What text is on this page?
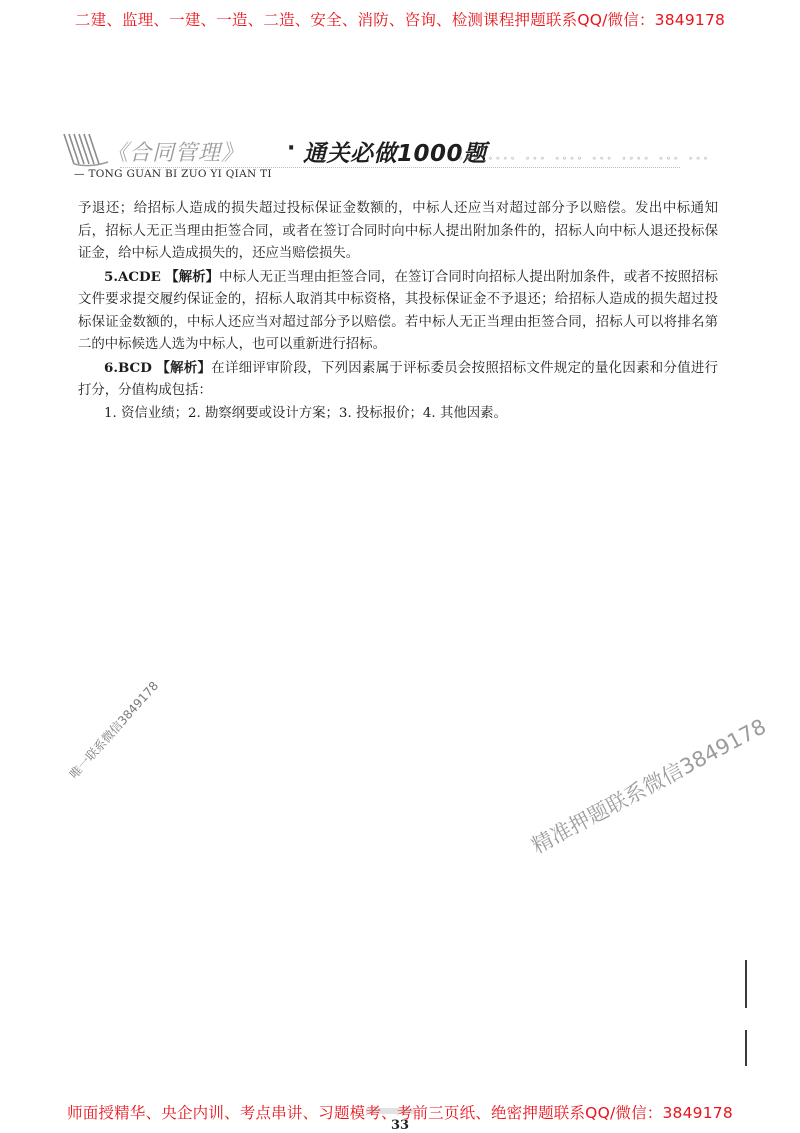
二建、监理、一建、一造、二造、安全、消防、咨询、检测课程押题联系QQ/微信：3849178
《合同管理》 · 通关必做1000题
∘∘∘ ∘∘∘∘ ∘∘∘ ∘∘∘∘ ∘∘∘ ∘∘∘∘ ∘∘∘ ∘∘∘
— TONG GUAN BI ZUO YI QIAN TI

予退还；给招标人造成的损失超过投标保证金数额的，中标人还应当对超过部分予以赔偿。发出中标通知后，招标人无正当理由拒签合同，或者在签订合同时向中标人提出附加条件的，招标人向中标人退还投标保证金，给中标人造成损失的，还应当赔偿损失。

5.ACDE 【解析】中标人无正当理由拒签合同，在签订合同时向招标人提出附加条件，或者不按照招标文件要求提交履约保证金的，招标人取消其中标资格，其投标保证金不予退还；给招标人造成的损失超过投标保证金数额的，中标人还应当对超过部分予以赔偿。若中标人无正当理由拒签合同，招标人可以将排名第二的中标候选人选为中标人，也可以重新进行招标。

6.BCD 【解析】在详细评审阶段，下列因素属于评标委员会按照招标文件规定的量化因素和分值进行打分，分值构成包括：

1. 资信业绩；2. 勘察纲要或设计方案；3. 投标报价；4. 其他因素。

唯一联系微信3849178	精准押题联系微信3849178
师面授精华、央企内训、考点串讲、习题模考、考前三页纸、绝密押题联系QQ/微信：3849178
33
